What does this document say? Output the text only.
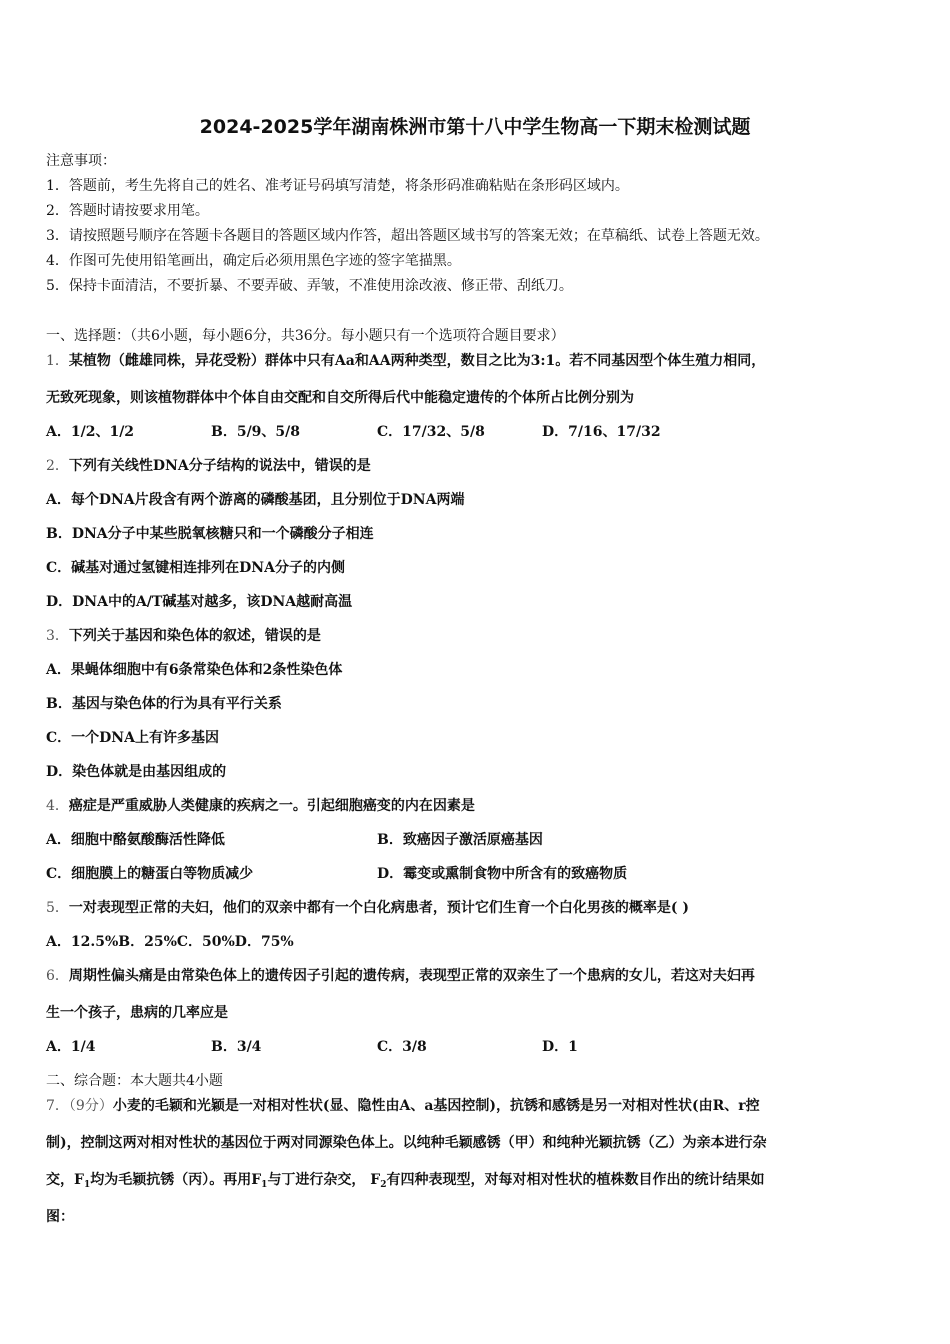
2024-2025学年湖南株洲市第十八中学生物高一下期末检测试题
注意事项：
1．答题前，考生先将自己的姓名、准考证号码填写清楚，将条形码准确粘贴在条形码区域内。
2．答题时请按要求用笔。
3．请按照题号顺序在答题卡各题目的答题区域内作答，超出答题区域书写的答案无效；在草稿纸、试卷上答题无效。
4．作图可先使用铅笔画出，确定后必须用黑色字迹的签字笔描黑。
5．保持卡面清洁，不要折暴、不要弄破、弄皱，不准使用涂改液、修正带、刮纸刀。
一、选择题：（共6小题，每小题6分，共36分。每小题只有一个选项符合题目要求）
1．某植物（雌雄同株，异花受粉）群体中只有Aa和AA两种类型，数目之比为3:1。若不同基因型个体生殖力相同，
无致死现象，则该植物群体中个体自由交配和自交所得后代中能稳定遗传的个体所占比例分别为
A．1/2、1/2	B．5/9、5/8	C．17/32、5/8	D．7/16、17/32
2．下列有关线性DNA分子结构的说法中，错误的是
A．每个DNA片段含有两个游离的磷酸基团，且分别位于DNA两端
B．DNA分子中某些脱氧核糖只和一个磷酸分子相连
C．碱基对通过氢键相连排列在DNA分子的内侧
D．DNA中的A/T碱基对越多，该DNA越耐高温
3．下列关于基因和染色体的叙述，错误的是
A．果蝇体细胞中有6条常染色体和2条性染色体
B．基因与染色体的行为具有平行关系
C．一个DNA上有许多基因
D．染色体就是由基因组成的
4．癌症是严重威胁人类健康的疾病之一。引起细胞癌变的内在因素是
A．细胞中酪氨酸酶活性降低	B．致癌因子激活原癌基因
C．细胞膜上的糖蛋白等物质减少	D．霉变或熏制食物中所含有的致癌物质
5．一对表现型正常的夫妇，他们的双亲中都有一个白化病患者，预计它们生育一个白化男孩的概率是( )
A．12.5%B．25%C．50%D．75%
6．周期性偏头痛是由常染色体上的遗传因子引起的遗传病，表现型正常的双亲生了一个患病的女儿，若这对夫妇再
生一个孩子，患病的几率应是
A．1/4	B．3/4	C．3/8	D．1
二、综合题：本大题共4小题
7．（9分）小麦的毛颖和光颖是一对相对性状(显、隐性由A、a基因控制)，抗锈和感锈是另一对相对性状(由R、r控
制)，控制这两对相对性状的基因位于两对同源染色体上。以纯种毛颖感锈（甲）和纯种光颖抗锈（乙）为亲本进行杂
交，$F_1$均为毛颖抗锈（丙）。再用$F_1$与丁进行杂交， $F_2$有四种表现型，对每对相对性状的植株数目作出的统计结果如
图：
